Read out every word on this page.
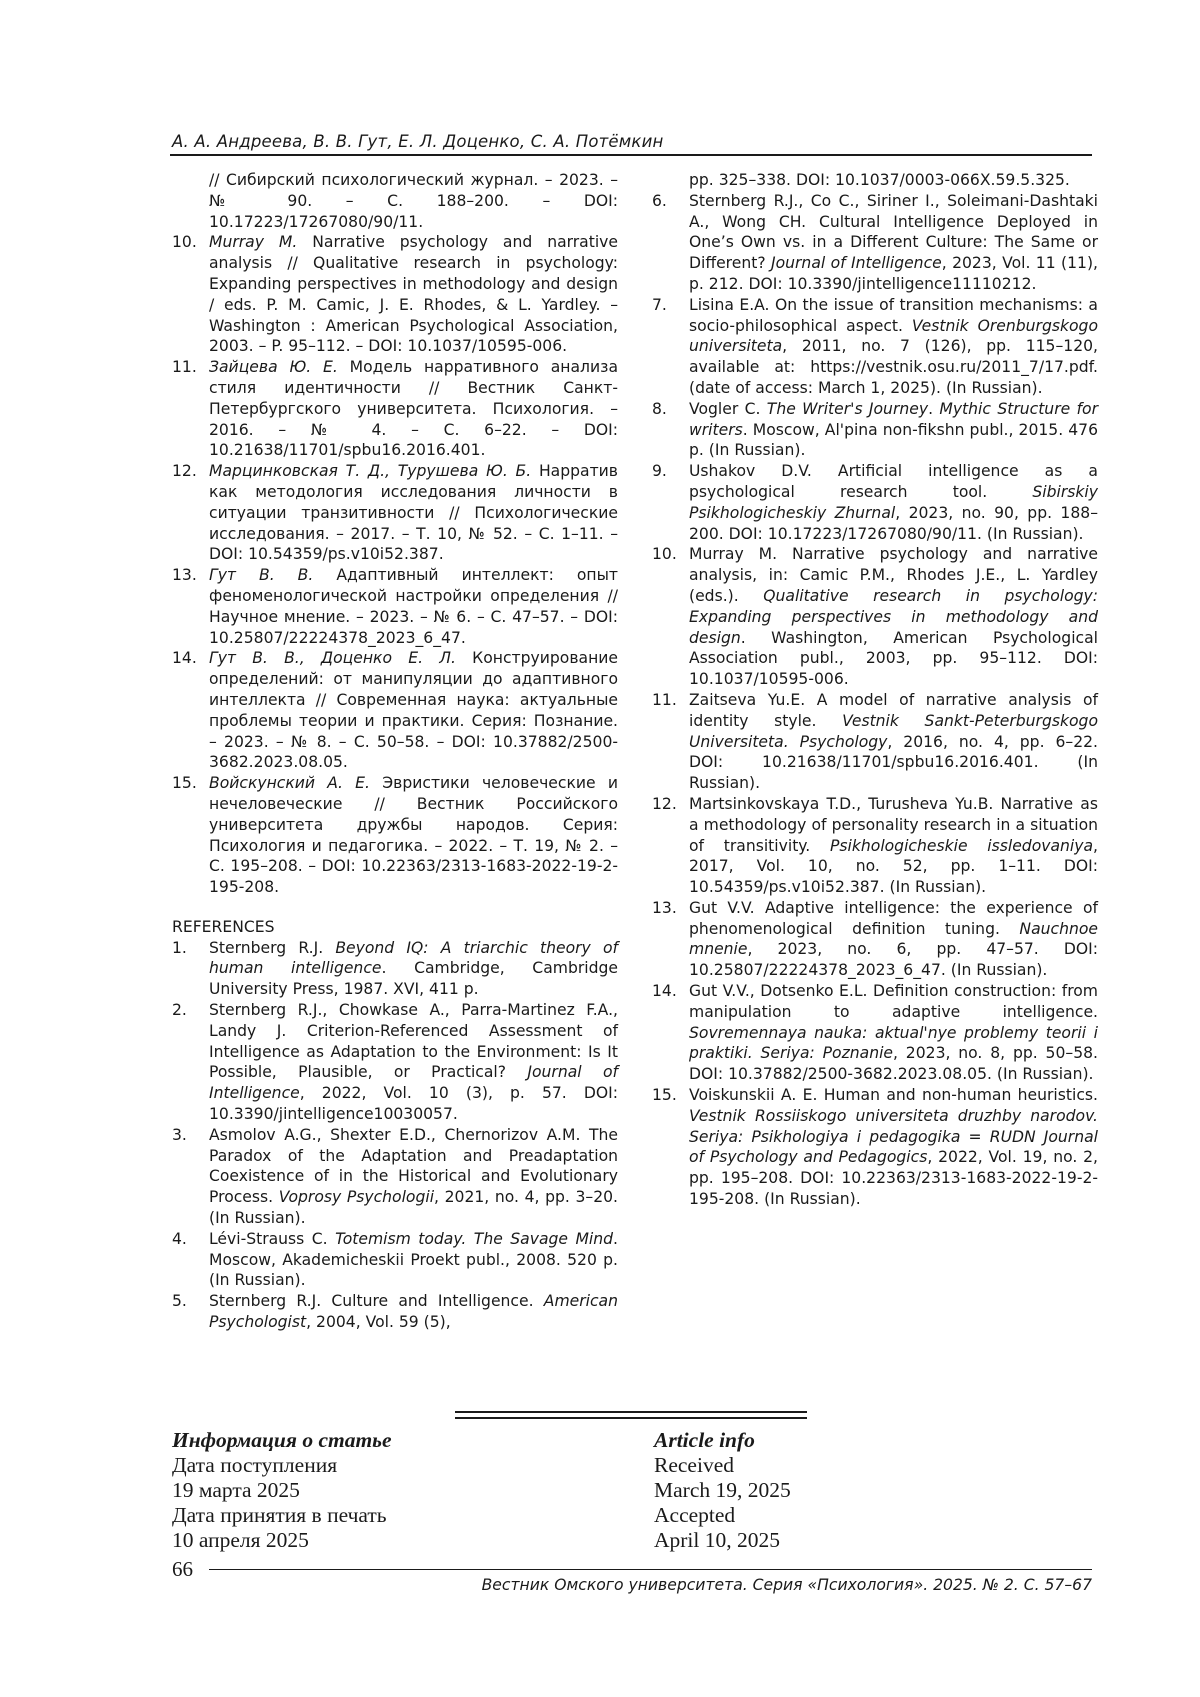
А. А. Андреева, В. В. Гут, Е. Л. Доценко, С. А. Потёмкин
// Сибирский психологический журнал. – 2023. – № 90. – С. 188–200. – DOI: 10.17223/17267080/90/11.
10. Murray M. Narrative psychology and narrative analysis // Qualitative research in psychology: Expanding perspectives in methodology and design / eds. P. M. Camic, J. E. Rhodes, & L. Yardley. – Washington : American Psychological Association, 2003. – P. 95–112. – DOI: 10.1037/10595-006.
11. Зайцева Ю. Е. Модель нарративного анализа стиля идентичности // Вестник Санкт-Петербургского университета. Психология. – 2016. – № 4. – С. 6–22. – DOI: 10.21638/11701/spbu16.2016.401.
12. Марцинковская Т. Д., Турушева Ю. Б. Нарратив как методология исследования личности в ситуации транзитивности // Психологические исследования. – 2017. – Т. 10, № 52. – С. 1–11. – DOI: 10.54359/ps.v10i52.387.
13. Гут В. В. Адаптивный интеллект: опыт феноменологической настройки определения // Научное мнение. – 2023. – № 6. – С. 47–57. – DOI: 10.25807/22224378_2023_6_47.
14. Гут В. В., Доценко Е. Л. Конструирование определений: от манипуляции до адаптивного интеллекта // Современная наука: актуальные проблемы теории и практики. Серия: Познание. – 2023. – № 8. – С. 50–58. – DOI: 10.37882/2500-3682.2023.08.05.
15. Войскунский А. Е. Эвристики человеческие и нечеловеческие // Вестник Российского университета дружбы народов. Серия: Психология и педагогика. – 2022. – Т. 19, № 2. – С. 195–208. – DOI: 10.22363/2313-1683-2022-19-2-195-208.
REFERENCES
1.	Sternberg R.J. Beyond IQ: A triarchic theory of human intelligence. Cambridge, Cambridge University Press, 1987. XVI, 411 p.
2.	Sternberg R.J., Chowkase A., Parra-Martinez F.A., Landy J. Criterion-Referenced Assessment of Intelligence as Adaptation to the Environment: Is It Possible, Plausible, or Practical? Journal of Intelligence, 2022, Vol. 10 (3), p. 57. DOI: 10.3390/jintelligence10030057.
3.	Asmolov A.G., Shexter E.D., Chernorizov A.M. The Paradox of the Adaptation and Preadaptation Coexistence of in the Historical and Evolutionary Process. Voprosy Psychologii, 2021, no. 4, pp. 3–20. (In Russian).
4.	Lévi-Strauss C. Totemism today. The Savage Mind. Moscow, Akademicheskii Proekt publ., 2008. 520 p. (In Russian).
5.	Sternberg R.J. Culture and Intelligence. American Psychologist, 2004, Vol. 59 (5),
pp. 325–338. DOI: 10.1037/0003-066X.59.5.325.
6.	Sternberg R.J., Co C., Siriner I., Soleimani-Dashtaki A., Wong CH. Cultural Intelligence Deployed in One’s Own vs. in a Different Culture: The Same or Different? Journal of Intelligence, 2023, Vol. 11 (11), p. 212. DOI: 10.3390/jintelligence11110212.
7.	Lisina E.A. On the issue of transition mechanisms: a socio-philosophical aspect. Vestnik Orenburgskogo universiteta, 2011, no. 7 (126), pp. 115–120, available at: https://vestnik.osu.ru/2011_7/17.pdf. (date of access: March 1, 2025). (In Russian).
8.	Vogler C. The Writer's Journey. Mythic Structure for writers. Moscow, Al'pina non-fikshn publ., 2015. 476 p. (In Russian).
9.	Ushakov D.V. Artificial intelligence as a psychological research tool. Sibirskiy Psikhologicheskiy Zhurnal, 2023, no. 90, pp. 188–200. DOI: 10.17223/17267080/90/11. (In Russian).
10. Murray M. Narrative psychology and narrative analysis, in: Camic P.M., Rhodes J.E., L. Yardley (eds.). Qualitative research in psychology: Expanding perspectives in methodology and design. Washington, American Psychological Association publ., 2003, pp. 95–112. DOI: 10.1037/10595-006.
11. Zaitseva Yu.E. A model of narrative analysis of identity style. Vestnik Sankt-Peterburgskogo Universiteta. Psychology, 2016, no. 4, pp. 6–22. DOI: 10.21638/11701/spbu16.2016.401. (In Russian).
12. Martsinkovskaya T.D., Turusheva Yu.B. Narrative as a methodology of personality research in a situation of transitivity. Psikhologicheskie issledovaniya, 2017, Vol. 10, no. 52, pp. 1–11. DOI: 10.54359/ps.v10i52.387. (In Russian).
13. Gut V.V. Adaptive intelligence: the experience of phenomenological definition tuning. Nauchnoe mnenie, 2023, no. 6, pp. 47–57. DOI: 10.25807/22224378_2023_6_47. (In Russian).
14. Gut V.V., Dotsenko E.L. Definition construction: from manipulation to adaptive intelligence. Sovremennaya nauka: aktual'nye problemy teorii i praktiki. Seriya: Poznanie, 2023, no. 8, pp. 50–58. DOI: 10.37882/2500-3682.2023.08.05. (In Russian).
15. Voiskunskii A. E. Human and non-human heuristics. Vestnik Rossiiskogo universiteta druzhby narodov. Seriya: Psikhologiya i pedagogika = RUDN Journal of Psychology and Pedagogics, 2022, Vol. 19, no. 2, pp. 195–208. DOI: 10.22363/2313-1683-2022-19-2-195-208. (In Russian).
Информация о статье
Дата поступления
19 марта 2025
Дата принятия в печать
10 апреля 2025
Article info
Received
March 19, 2025
Accepted
April 10, 2025
66
Вестник Омского университета. Серия «Психология». 2025. № 2. С. 57–67
